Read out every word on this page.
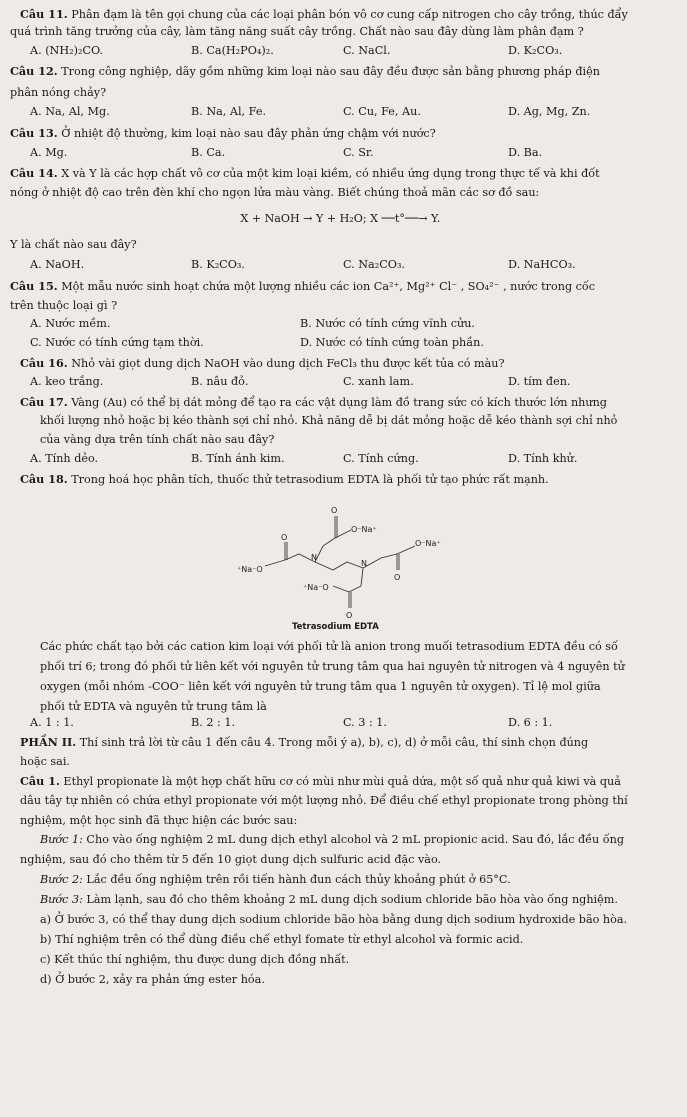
Câu 11. Phân đạm là tên gọi chung của các loại phân bón vô cơ cung cấp nitrogen cho cây trồng, thúc đẩy
quá trình tăng trưởng của cây, làm tăng năng suất cây trồng. Chất nào sau đây dùng làm phân đạm ?
A. (NH₂)₂CO.	B. Ca(H₂PO₄)₂.	C. NaCl.	D. K₂CO₃.
Câu 12. Trong công nghiệp, dãy gồm những kim loại nào sau đây đều được sản bằng phương pháp điện
phân nóng chảy?
A. Na, Al, Mg.	B. Na, Al, Fe.	C. Cu, Fe, Au.	D. Ag, Mg, Zn.
Câu 13. Ở nhiệt độ thường, kim loại nào sau đây phản ứng chậm với nước?
A. Mg.	B. Ca.	C. Sr.	D. Ba.
Câu 14. X và Y là các hợp chất vô cơ của một kim loại kiềm, có nhiều ứng dụng trong thực tế và khi đốt
nóng ở nhiệt độ cao trên đèn khí cho ngọn lửa màu vàng. Biết chúng thoả mãn các sơ đồ sau:
X + NaOH → Y + H₂O; X ──t°──→ Y.
Y là chất nào sau đây?
A. NaOH.	B. K₂CO₃.	C. Na₂CO₃.	D. NaHCO₃.
Câu 15. Một mẫu nước sinh hoạt chứa một lượng nhiều các ion Ca²⁺, Mg²⁺ Cl⁻ , SO₄²⁻ , nước trong cốc
trên thuộc loại gì ?
A. Nước mềm.	B. Nước có tính cứng vĩnh cửu.
C. Nước có tính cứng tạm thời.	D. Nước có tính cứng toàn phần.
Câu 16. Nhỏ vài giọt dung dịch NaOH vào dung dịch FeCl₃ thu được kết tủa có màu?
A. keo trắng.	B. nâu đỏ.	C. xanh lam.	D. tím đen.
Câu 17. Vàng (Au) có thể bị dát mỏng để tạo ra các vật dụng làm đồ trang sức có kích thước lớn nhưng
khối lượng nhỏ hoặc bị kéo thành sợi chỉ nhỏ. Khả năng dễ bị dát mỏng hoặc dễ kéo thành sợi chỉ nhỏ
của vàng dựa trên tính chất nào sau đây?
A. Tính dẻo.	B. Tính ánh kim.	C. Tính cứng.	D. Tính khử.
Câu 18. Trong hoá học phân tích, thuốc thử tetrasodium EDTA là phối tử tạo phức rất mạnh.
O
O⁻Na⁺
O
⁺Na⁻O
N
N
O⁻Na⁺
⁺Na⁻O
O
O
Tetrasodium EDTA
Các phức chất tạo bởi các cation kim loại với phối tử là anion trong muối tetrasodium EDTA đều có số
phối trí 6; trong đó phối tử liên kết với nguyên tử trung tâm qua hai nguyên tử nitrogen và 4 nguyên tử
oxygen (mỗi nhóm -COO⁻ liên kết với nguyên tử trung tâm qua 1 nguyên tử oxygen). Tỉ lệ mol giữa
phối tử EDTA và nguyên tử trung tâm là
A. 1 : 1.	B. 2 : 1.	C. 3 : 1.	D. 6 : 1.
PHẦN II. Thí sinh trả lời từ câu 1 đến câu 4. Trong mỗi ý a), b), c), d) ở mỗi câu, thí sinh chọn đúng
hoặc sai.
Câu 1. Ethyl propionate là một hợp chất hữu cơ có mùi như mùi quả dứa, một số quả như quả kiwi và quả
dâu tây tự nhiên có chứa ethyl propionate với một lượng nhỏ. Để điều chế ethyl propionate trong phòng thí
nghiệm, một học sinh đã thực hiện các bước sau:
Bước 1: Cho vào ống nghiệm 2 mL dung dịch ethyl alcohol và 2 mL propionic acid. Sau đó, lắc đều ống
nghiệm, sau đó cho thêm từ 5 đến 10 giọt dung dịch sulfuric acid đặc vào.
Bước 2: Lắc đều ống nghiệm trên rồi tiến hành đun cách thủy khoảng phút ở 65°C.
Bước 3: Làm lạnh, sau đó cho thêm khoảng 2 mL dung dịch sodium chloride bão hòa vào ống nghiệm.
a) Ở bước 3, có thể thay dung dịch sodium chloride bão hòa bằng dung dịch sodium hydroxide bão hòa.
b) Thí nghiệm trên có thể dùng điều chế ethyl fomate từ ethyl alcohol và formic acid.
c) Kết thúc thí nghiệm, thu được dung dịch đồng nhất.
d) Ở bước 2, xảy ra phản ứng ester hóa.
